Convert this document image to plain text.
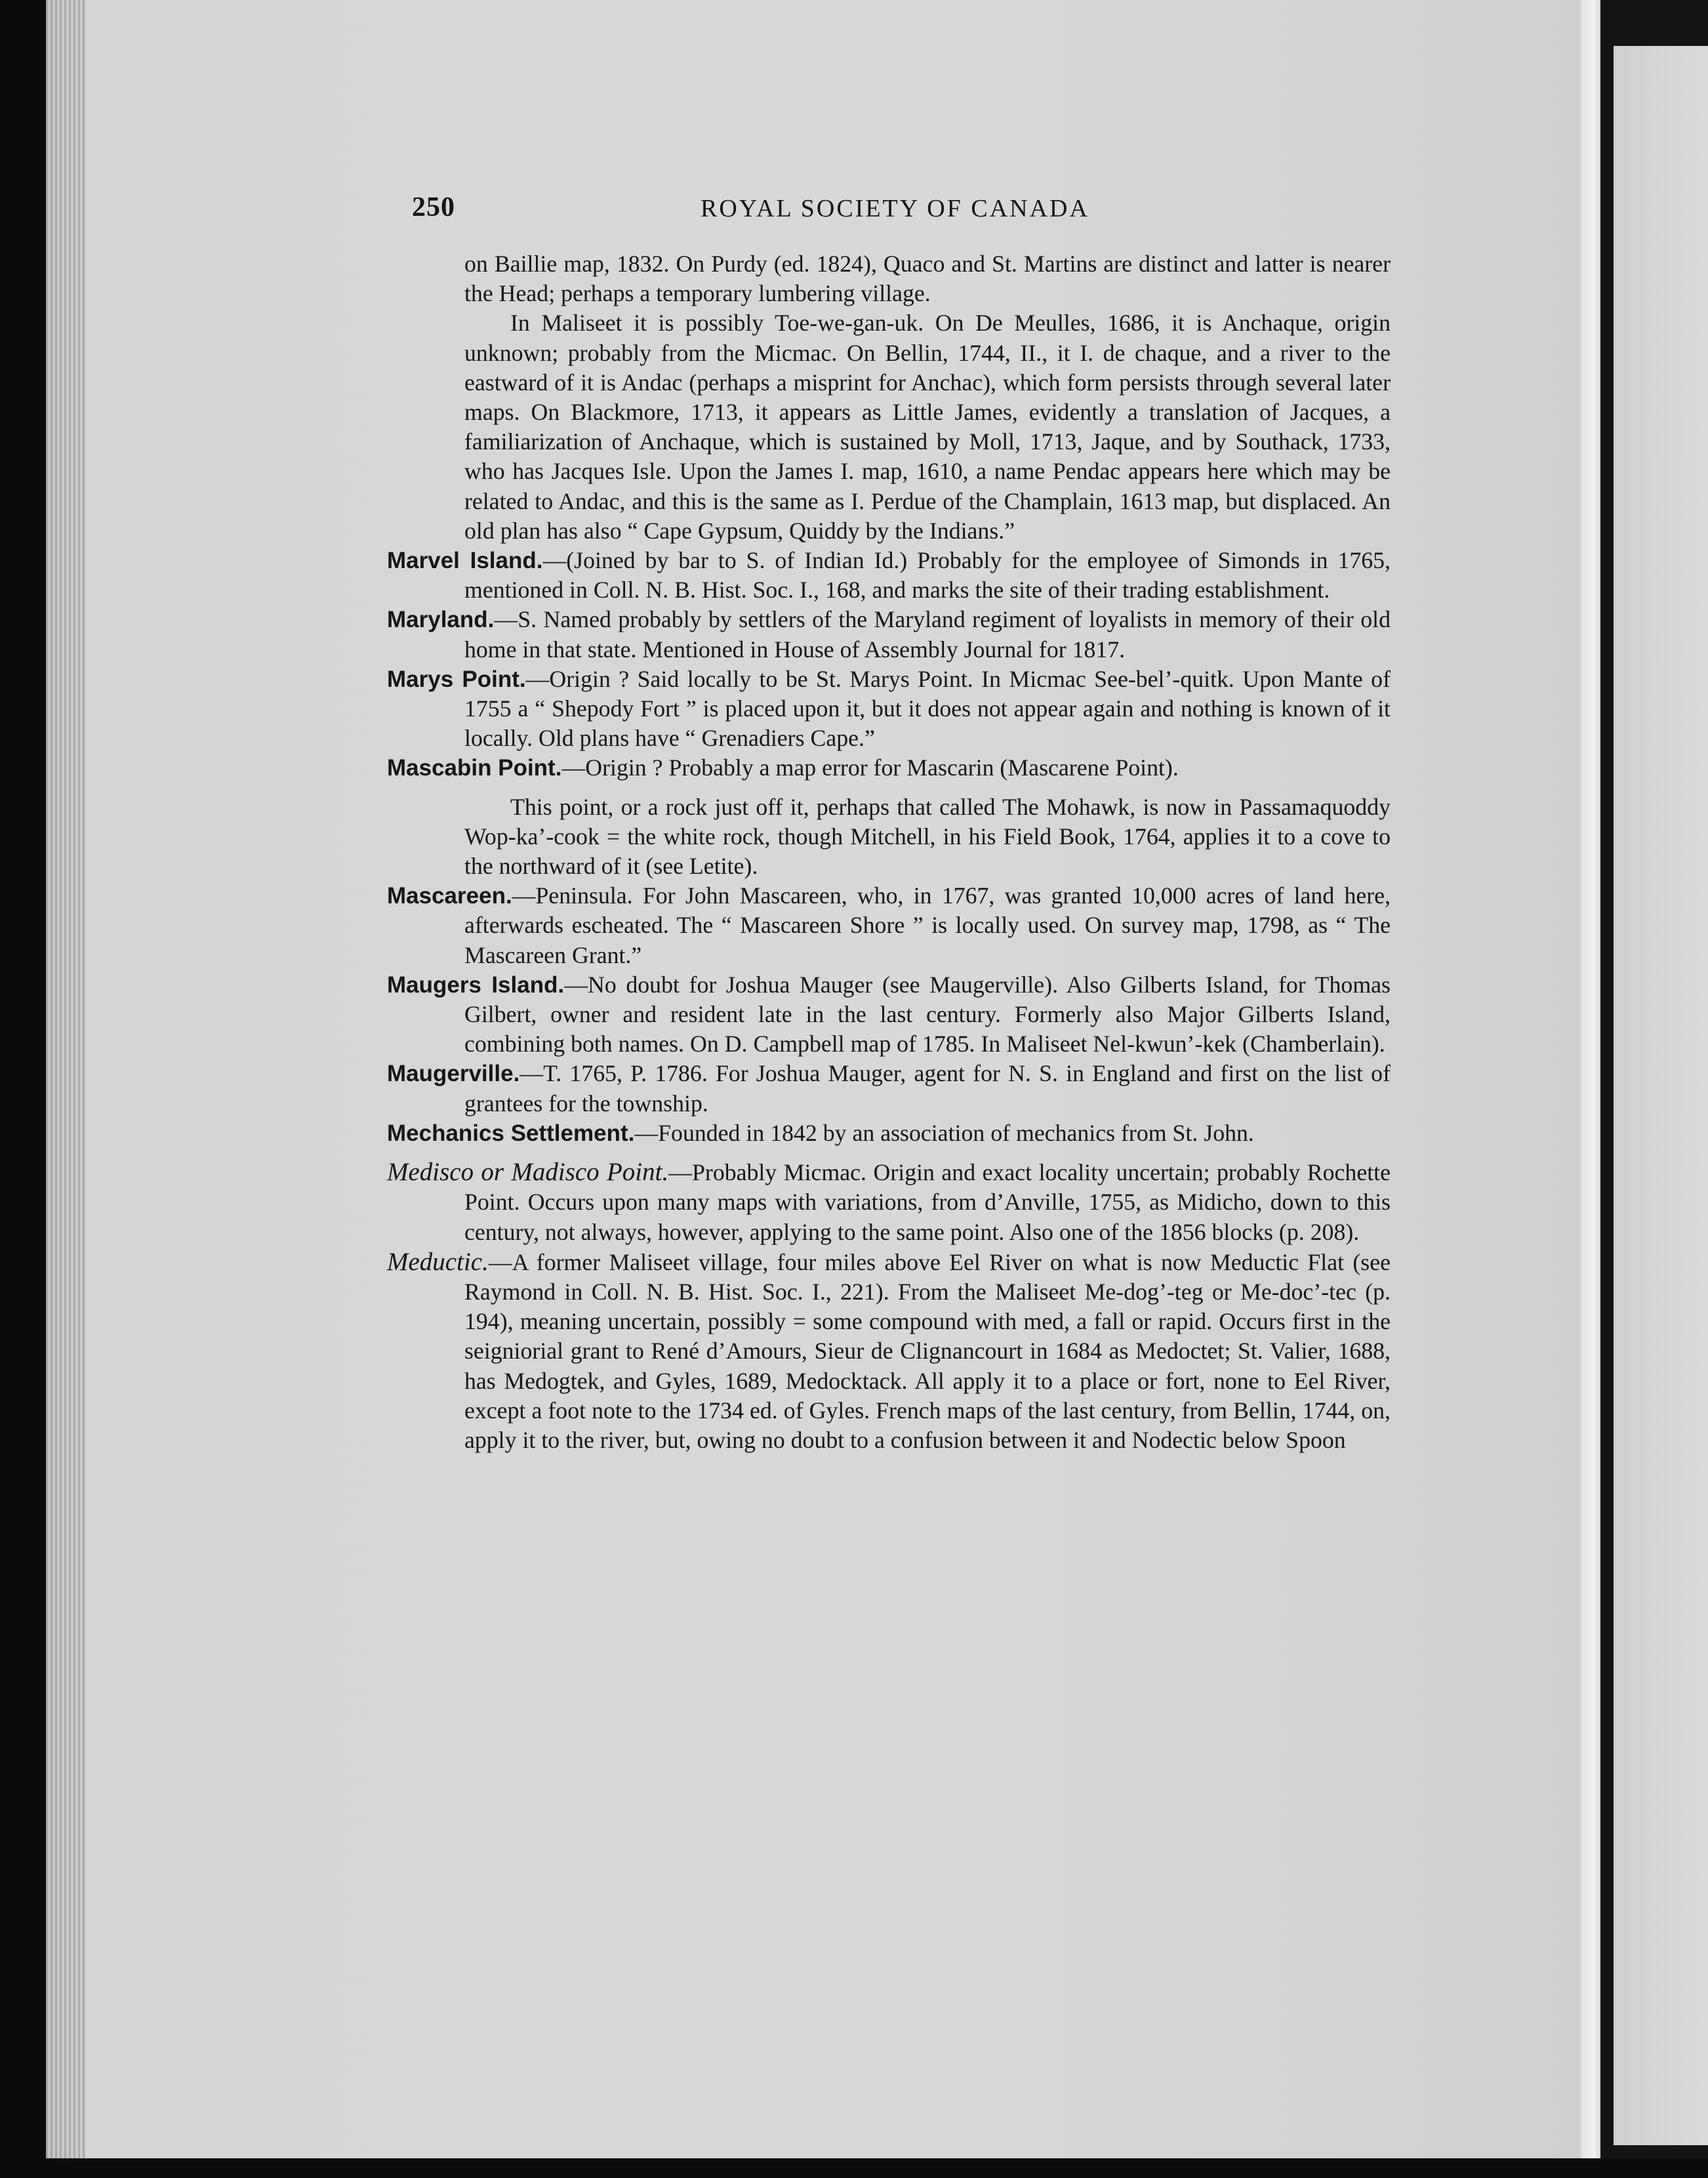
250	ROYAL SOCIETY OF CANADA

on Baillie map, 1832. On Purdy (ed. 1824), Quaco and St. Martins are distinct and latter is nearer the Head; perhaps a temporary lumbering village.

In Maliseet it is possibly Toe-we-gan-uk. On De Meulles, 1686, it is Anchaque, origin unknown; probably from the Micmac. On Bellin, 1744, II., it I. de chaque, and a river to the eastward of it is Andac (perhaps a misprint for Anchac), which form persists through several later maps. On Blackmore, 1713, it appears as Little James, evidently a translation of Jacques, a familiarization of Anchaque, which is sustained by Moll, 1713, Jaque, and by Southack, 1733, who has Jacques Isle. Upon the James I. map, 1610, a name Pendac appears here which may be related to Andac, and this is the same as I. Perdue of the Champlain, 1613 map, but displaced. An old plan has also “ Cape Gypsum, Quiddy by the Indians.”

Marvel Island.—(Joined by bar to S. of Indian Id.) Probably for the employee of Simonds in 1765, mentioned in Coll. N. B. Hist. Soc. I., 168, and marks the site of their trading establishment.

Maryland.—S. Named probably by settlers of the Maryland regiment of loyalists in memory of their old home in that state. Mentioned in House of Assembly Journal for 1817.

Marys Point.—Origin ? Said locally to be St. Marys Point. In Micmac See-bel’-quitk. Upon Mante of 1755 a “ Shepody Fort ” is placed upon it, but it does not appear again and nothing is known of it locally. Old plans have “ Grenadiers Cape.”

Mascabin Point.—Origin ? Probably a map error for Mascarin (Mascarene Point).

This point, or a rock just off it, perhaps that called The Mohawk, is now in Passamaquoddy Wop-ka’-cook = the white rock, though Mitchell, in his Field Book, 1764, applies it to a cove to the northward of it (see Letite).

Mascareen.—Peninsula. For John Mascareen, who, in 1767, was granted 10,000 acres of land here, afterwards escheated. The “ Mascareen Shore ” is locally used. On survey map, 1798, as “ The Mascareen Grant.”

Maugers Island.—No doubt for Joshua Mauger (see Maugerville). Also Gilberts Island, for Thomas Gilbert, owner and resident late in the last century. Formerly also Major Gilberts Island, combining both names. On D. Campbell map of 1785. In Maliseet Nel-kwun’-kek (Chamberlain).

Maugerville.—T. 1765, P. 1786. For Joshua Mauger, agent for N. S. in England and first on the list of grantees for the township.

Mechanics Settlement.—Founded in 1842 by an association of mechanics from St. John.

Medisco or Madisco Point.—Probably Micmac. Origin and exact locality uncertain; probably Rochette Point. Occurs upon many maps with variations, from d’Anville, 1755, as Midicho, down to this century, not always, however, applying to the same point. Also one of the 1856 blocks (p. 208).

Meductic.—A former Maliseet village, four miles above Eel River on what is now Meductic Flat (see Raymond in Coll. N. B. Hist. Soc. I., 221). From the Maliseet Me-dog’-teg or Me-doc’-tec (p. 194), meaning uncertain, possibly = some compound with med, a fall or rapid. Occurs first in the seigniorial grant to René d’Amours, Sieur de Clignancourt in 1684 as Medoctet; St. Valier, 1688, has Medogtek, and Gyles, 1689, Medocktack. All apply it to a place or fort, none to Eel River, except a foot note to the 1734 ed. of Gyles. French maps of the last century, from Bellin, 1744, on, apply it to the river, but, owing no doubt to a confusion between it and Nodectic below Spoon
